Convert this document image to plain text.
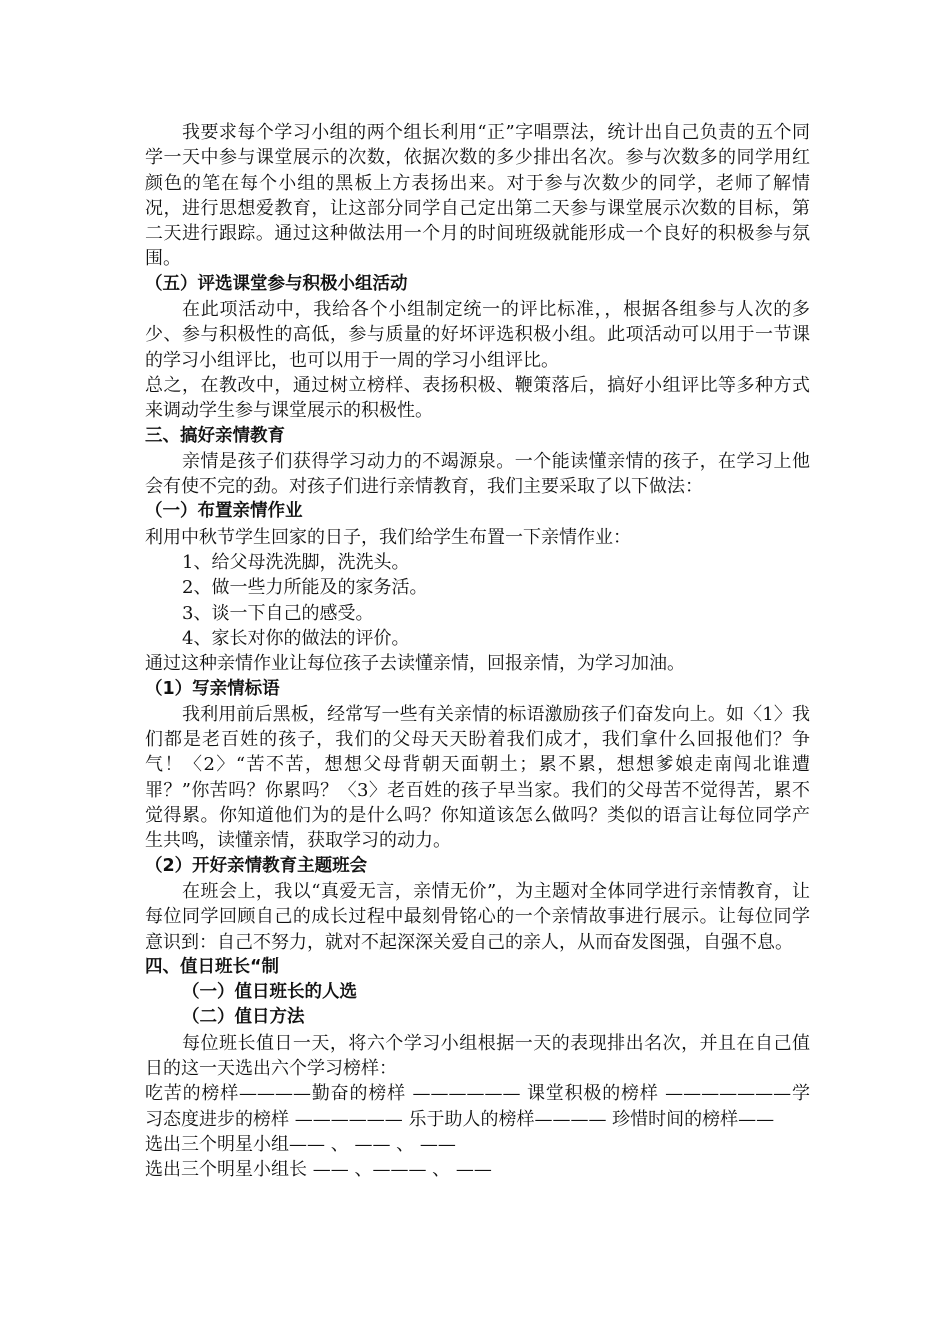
我要求每个学习小组的两个组长利用“正”字唱票法，统计出自己负责的五个同学一天中参与课堂展示的次数，依据次数的多少排出名次。参与次数多的同学用红颜色的笔在每个小组的黑板上方表扬出来。对于参与次数少的同学，老师了解情况，进行思想爱教育，让这部分同学自己定出第二天参与课堂展示次数的目标，第二天进行跟踪。通过这种做法用一个月的时间班级就能形成一个良好的积极参与氛围。

（五）评选课堂参与积极小组活动

在此项活动中，我给各个小组制定统一的评比标准，，根据各组参与人次的多少、参与积极性的高低，参与质量的好坏评选积极小组。此项活动可以用于一节课的学习小组评比，也可以用于一周的学习小组评比。

总之，在教改中，通过树立榜样、表扬积极、鞭策落后，搞好小组评比等多种方式来调动学生参与课堂展示的积极性。

三、搞好亲情教育

亲情是孩子们获得学习动力的不竭源泉。一个能读懂亲情的孩子，在学习上他会有使不完的劲。对孩子们进行亲情教育，我们主要采取了以下做法：

（一）布置亲情作业

利用中秋节学生回家的日子，我们给学生布置一下亲情作业：

1、给父母洗洗脚，洗洗头。

2、做一些力所能及的家务活。

3、谈一下自己的感受。

4、家长对你的做法的评价。

通过这种亲情作业让每位孩子去读懂亲情，回报亲情，为学习加油。

（1）写亲情标语

我利用前后黑板，经常写一些有关亲情的标语激励孩子们奋发向上。如〈1〉我们都是老百姓的孩子，我们的父母天天盼着我们成才，我们拿什么回报他们？争气！〈2〉“苦不苦，想想父母背朝天面朝土；累不累，想想爹娘走南闯北谁遭罪？”你苦吗？你累吗？〈3〉老百姓的孩子早当家。我们的父母苦不觉得苦，累不觉得累。你知道他们为的是什么吗？你知道该怎么做吗？类似的语言让每位同学产生共鸣，读懂亲情，获取学习的动力。

（2）开好亲情教育主题班会

在班会上，我以“真爱无言，亲情无价”，为主题对全体同学进行亲情教育，让每位同学回顾自己的成长过程中最刻骨铭心的一个亲情故事进行展示。让每位同学意识到：自己不努力，就对不起深深关爱自己的亲人，从而奋发图强，自强不息。

四、值日班长“制

（一）值日班长的人选

（二）值日方法

每位班长值日一天，将六个学习小组根据一天的表现排出名次，并且在自己值日的这一天选出六个学习榜样：

吃苦的榜样————勤奋的榜样 —————— 课堂积极的榜样 ———————学习态度进步的榜样 —————— 乐于助人的榜样———— 珍惜时间的榜样——

选出三个明星小组—— 、 —— 、 ——

选出三个明星小组长 —— 、——— 、 ——
